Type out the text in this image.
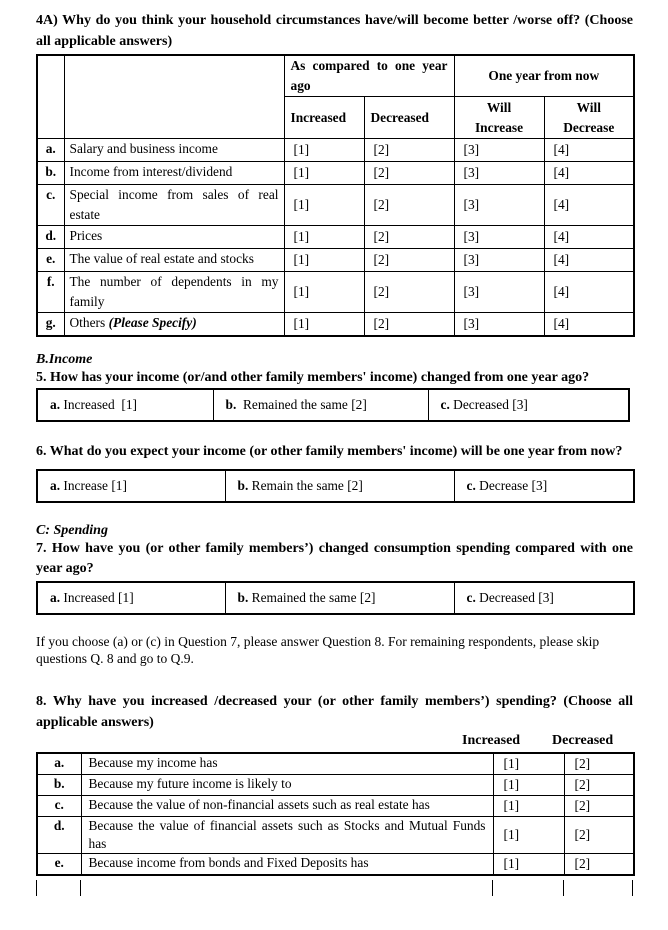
4A) Why do you think your household circumstances have/will become better /worse off? (Choose all applicable answers)

		As compared to one year ago		One year from now	
		Increased	Decreased	Will Increase	Will Decrease
a.	Salary and business income	[1]	[2]	[3]	[4]
b.	Income from interest/dividend	[1]	[2]	[3]	[4]
c.	Special income from sales of real estate	[1]	[2]	[3]	[4]
d.	Prices	[1]	[2]	[3]	[4]
e.	The value of real estate and stocks	[1]	[2]	[3]	[4]
f.	The number of dependents in my family	[1]	[2]	[3]	[4]
g.	Others (Please Specify)	[1]	[2]	[3]	[4]

B.Income

5. How has your income (or/and other family members' income) changed from one year ago?

a. Increased  [1]	b.  Remained the same [2]	c. Decreased [3]

6. What do you expect your income (or other family members' income) will be one year from now?

a. Increase [1]	b. Remain the same [2]	c. Decrease [3]

C: Spending

7. How have you (or other family members’) changed consumption spending compared with one year ago?

a. Increased [1]	b. Remained the same [2]	c. Decreased [3]

If you choose (a) or (c) in Question 7, please answer Question 8. For remaining respondents, please skip questions Q. 8 and go to Q.9.

8. Why have you increased /decreased your (or other family members’) spending? (Choose all applicable answers)

Increased Decreased
a.	Because my income has	[1]	[2]
b.	Because my future income is likely to	[1]	[2]
c.	Because the value of non-financial assets such as real estate has	[1]	[2]
d.	Because the value of financial assets such as Stocks and Mutual Funds has	[1]	[2]
e.	Because income from bonds and Fixed Deposits has	[1]	[2]
